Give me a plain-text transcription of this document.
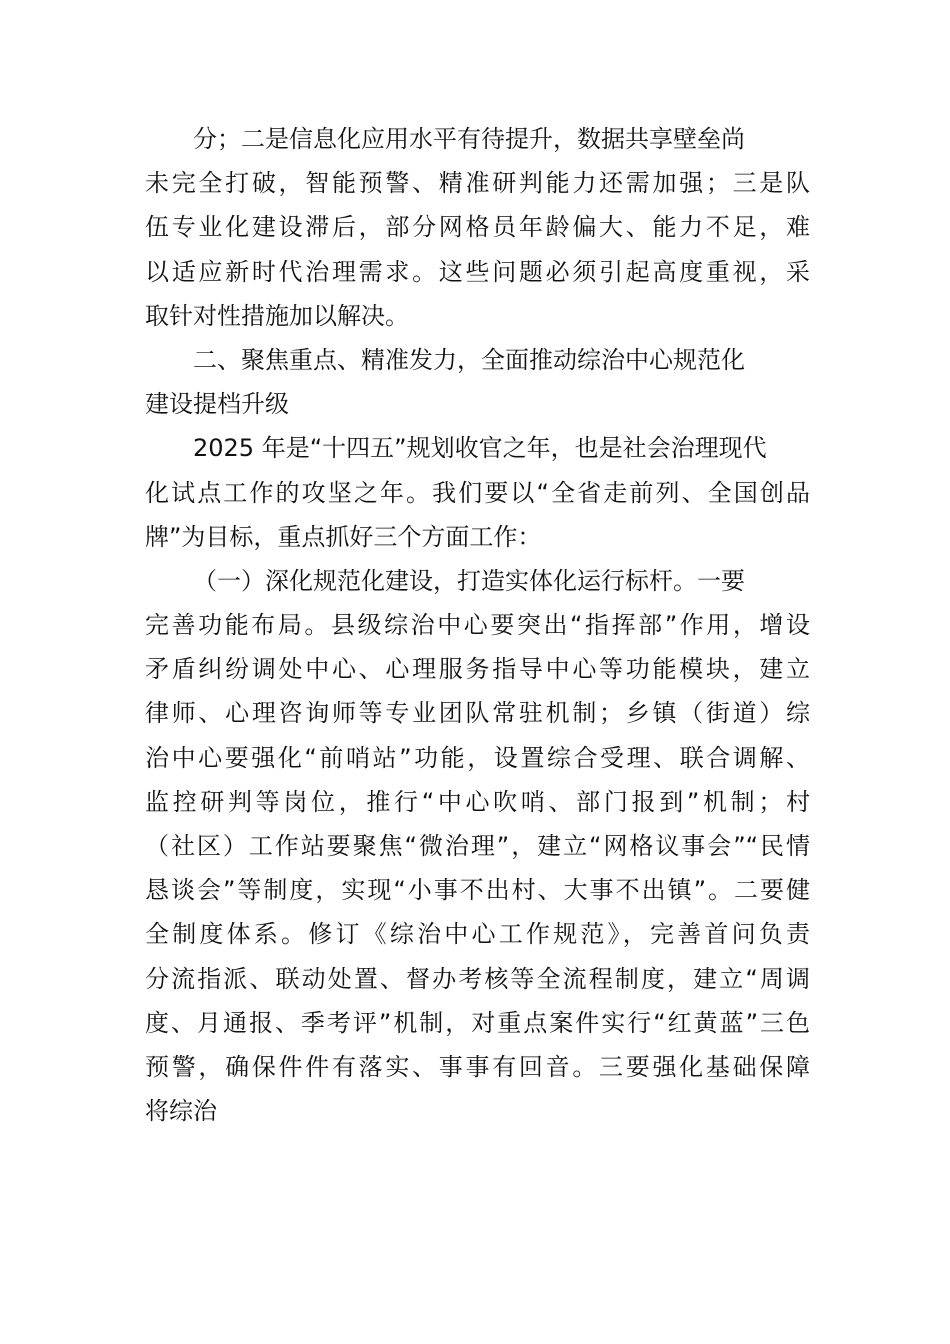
分；二是信息化应用水平有待提升，数据共享壁垒尚
未完全打破，智能预警、精准研判能力还需加强；三是队
伍专业化建设滞后，部分网格员年龄偏大、能力不足，难
以适应新时代治理需求。这些问题必须引起高度重视，采
取针对性措施加以解决。
二、聚焦重点、精准发力，全面推动综治中心规范化
建设提档升级
2025 年是“十四五”规划收官之年，也是社会治理现代
化试点工作的攻坚之年。我们要以“全省走前列、全国创品
牌”为目标，重点抓好三个方面工作：
（一）深化规范化建设，打造实体化运行标杆。一要
完善功能布局。县级综治中心要突出“指挥部”作用，增设
矛盾纠纷调处中心、心理服务指导中心等功能模块，建立
律师、心理咨询师等专业团队常驻机制；乡镇（街道）综
治中心要强化“前哨站”功能，设置综合受理、联合调解、
监控研判等岗位，推行“中心吹哨、部门报到”机制；村
（社区）工作站要聚焦“微治理”，建立“网格议事会”“民情
恳谈会”等制度，实现“小事不出村、大事不出镇”。二要健
全制度体系。修订《综治中心工作规范》，完善首问负责
分流指派、联动处置、督办考核等全流程制度，建立“周调
度、月通报、季考评”机制，对重点案件实行“红黄蓝”三色
预警，确保件件有落实、事事有回音。三要强化基础保障
将综治
